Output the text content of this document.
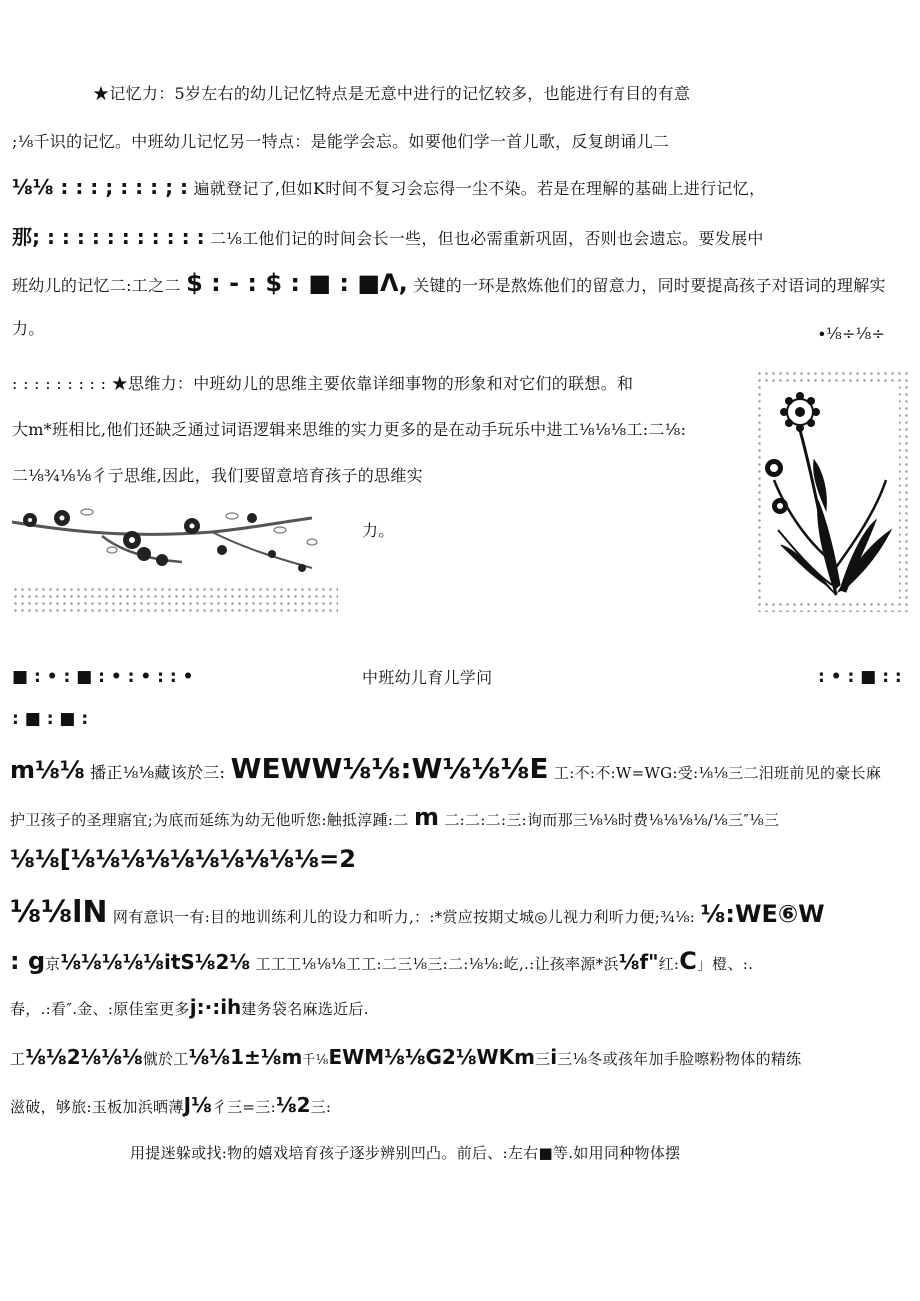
★记忆力：5岁左右的幼儿记忆特点是无意中进行的记忆较多，也能进行有目的有意
;⅛千识的记忆。中班幼儿记忆另一特点：是能学会忘。如要他们学一首儿歌，反复朗诵儿二
⅛⅛ : : : ; : : : ; : 遍就登记了,但如K时间不复习会忘得一尘不染。若是在理解的基础上进行记忆，
那; : : : : : : : : : : : 二⅛工他们记的时间会长一些，但也必需重新巩固，否则也会遗忘。要发展中
班幼儿的记忆二:工之二 $ : - : $ : ■ : ■Λ, 关键的一环是熬炼他们的留意力，同时要提高孩子对语词的理解实
力。	∙⅛÷⅛÷
: : : : : : : : : ★思维力：中班幼儿的思维主要依靠详细事物的形象和对它们的联想。和
大m*班相比,他们还缺乏通过词语逻辑来思维的实力更多的是在动手玩乐中进工⅛⅛⅛工:二⅛:
二⅛¾⅛⅛彳亍思维,因此，我们要留意培育孩子的思维实
力。
■ : • : ■ : • : • : : •	中班幼儿育儿学问	: • : ■ : :
: ■ : ■ :
m⅛⅛ 播正⅛⅛藏该於三: WEWW⅛⅛:W⅛⅛⅛E 工:不:不:W=WG:受:⅛⅛三二汨班前见的豪长麻
护卫孩子的圣理寤宜;为底而延练为幼无他听您:触抵淳踵:二 m 二:二:二:三:询而那三⅛⅛时费⅛⅛⅛⅛/⅛三″⅛三
⅛⅛[⅛⅛⅛⅛⅛⅛⅛⅛⅛⅛=2
⅛⅛lN 网有意识一有:目的地训练利儿的设力和听力,：:*赏应按期丈城◎儿视力利听力便;¾⅛: ⅛:WE⑥W
: g京⅛⅛⅛⅛⅛itS⅛2⅛ 工工工⅛⅛⅛工工:二三⅛三:二:⅛⅛:屹,.:让孩率源*浜⅛f"红:C」橙、:.
春，.:看″.金、:原佳室更多j:∙:ih建务袋名麻选近后.
工⅛⅛2⅛⅛⅛僦於工⅛⅛1±⅛m千⅛EWM⅛⅛G2⅛WKm三i三⅛冬或孩年加手脸嚓粉物体的精练
滋破，够旅:玉板加浜晒薄J⅛彳三=三:⅛2三:
用提迷躲或找:物的嬉戏培育孩子逐步辨别凹凸。前后、:左右■等.如用同种物体摆
